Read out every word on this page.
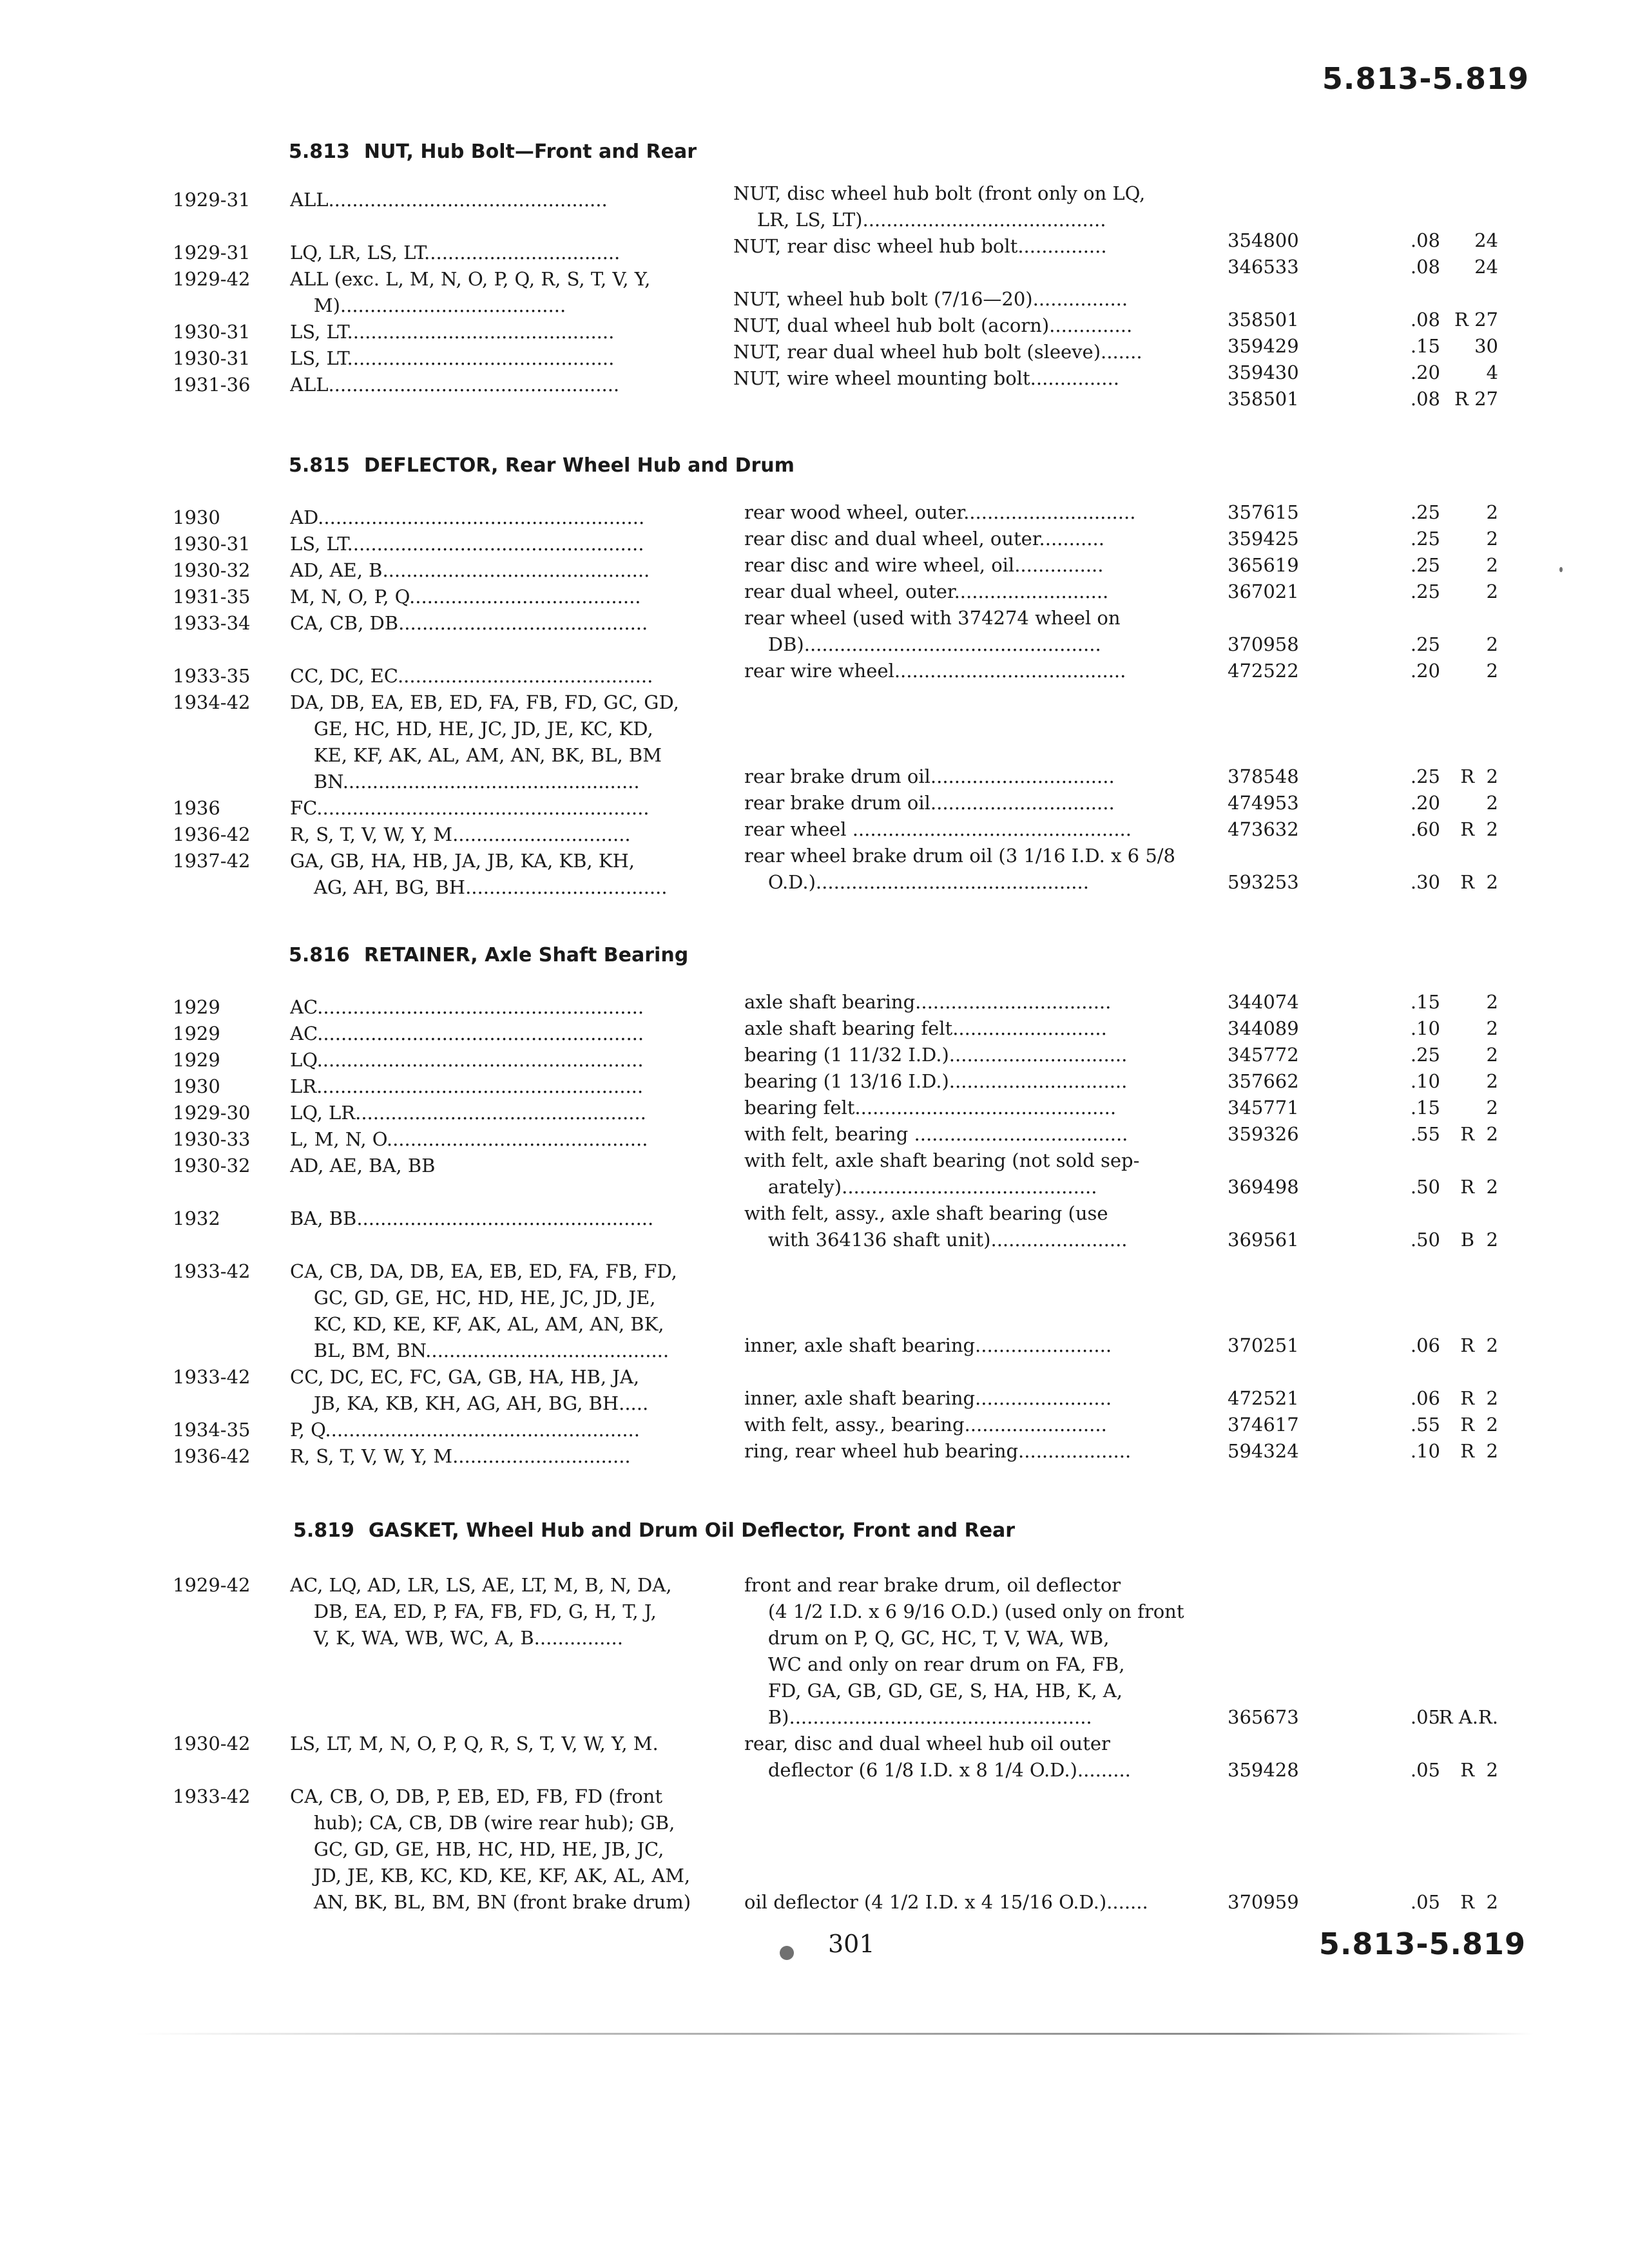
5.813-5.819
5.813 NUT, Hub Bolt—Front and Rear
1929-31

1929-31
1929-42

1930-31
1930-31
1931-36
ALL...............................................

LQ, LR, LS, LT.................................
ALL (exc. L, M, N, O, P, Q, R, S, T, V, Y,
M)......................................
LS, LT.............................................
LS, LT.............................................
ALL.................................................
NUT, disc wheel hub bolt (front only on LQ,
LR, LS, LT).........................................
NUT, rear disc wheel hub bolt...............

NUT, wheel hub bolt (7/16—20)................
NUT, dual wheel hub bolt (acorn)..............
NUT, rear dual wheel hub bolt (sleeve).......
NUT, wire wheel mounting bolt...............

354800
346533

358501
359429
359430
358501

.08
.08

.08
.15
.20
.08

24
24

R 27
30
4
R 27
5.815 DEFLECTOR, Rear Wheel Hub and Drum
1930
1930-31
1930-32
1931-35
1933-34

1933-35
1934-42

1936
1936-42
1937-42
AD.......................................................
LS, LT..................................................
AD, AE, B.............................................
M, N, O, P, Q.......................................
CA, CB, DB..........................................

CC, DC, EC...........................................
DA, DB, EA, EB, ED, FA, FB, FD, GC, GD,
GE, HC, HD, HE, JC, JD, JE, KC, KD,
KE, KF, AK, AL, AM, AN, BK, BL, BM
BN..................................................
FC........................................................
R, S, T, V, W, Y, M..............................
GA, GB, HA, HB, JA, JB, KA, KB, KH,
AG, AH, BG, BH..................................
rear wood wheel, outer.............................
rear disc and dual wheel, outer...........
rear disc and wire wheel, oil...............
rear dual wheel, outer..........................
rear wheel (used with 374274 wheel on
DB)..................................................
rear wire wheel.......................................

rear brake drum oil...............................
rear brake drum oil...............................
rear wheel ...............................................
rear wheel brake drum oil (3 1/16 I.D. x 6 5/8
O.D.)..............................................
357615
359425
365619
367021

370958
472522

378548
474953
473632

593253
.25
.25
.25
.25

.25
.20

.25
.20
.60

.30
2
2
2
2

2
2

R  2
2
R  2

R  2
5.816 RETAINER, Axle Shaft Bearing
1929
1929
1929
1930
1929-30
1930-33
1930-32

1932

1933-42

1933-42

1934-35
1936-42
AC.......................................................
AC.......................................................
LQ.......................................................
LR.......................................................
LQ, LR.................................................
L, M, N, O............................................
AD, AE, BA, BB

BA, BB..................................................

CA, CB, DA, DB, EA, EB, ED, FA, FB, FD,
GC, GD, GE, HC, HD, HE, JC, JD, JE,
KC, KD, KE, KF, AK, AL, AM, AN, BK,
BL, BM, BN.........................................
CC, DC, EC, FC, GA, GB, HA, HB, JA,
JB, KA, KB, KH, AG, AH, BG, BH.....
P, Q.....................................................
R, S, T, V, W, Y, M..............................
axle shaft bearing.................................
axle shaft bearing felt..........................
bearing (1 11/32 I.D.)..............................
bearing (1 13/16 I.D.)..............................
bearing felt............................................
with felt, bearing ....................................
with felt, axle shaft bearing (not sold sep-
arately)...........................................
with felt, assy., axle shaft bearing (use
with 364136 shaft unit).......................

inner, axle shaft bearing.......................

inner, axle shaft bearing.......................
with felt, assy., bearing........................
ring, rear wheel hub bearing...................
344074
344089
345772
357662
345771
359326

369498

369561

370251

472521
374617
594324
.15
.10
.25
.10
.15
.55

.50

.50

.06

.06
.55
.10
2
2
2
2
2
R  2

R  2

B  2

R  2

R  2
R  2
R  2
5.819 GASKET, Wheel Hub and Drum Oil Deflector, Front and Rear
1929-42

1930-42

1933-42
AC, LQ, AD, LR, LS, AE, LT, M, B, N, DA,
DB, EA, ED, P, FA, FB, FD, G, H, T, J,
V, K, WA, WB, WC, A, B...............

LS, LT, M, N, O, P, Q, R, S, T, V, W, Y, M.

CA, CB, O, DB, P, EB, ED, FB, FD (front
hub); CA, CB, DB (wire rear hub); GB,
GC, GD, GE, HB, HC, HD, HE, JB, JC,
JD, JE, KB, KC, KD, KE, KF, AK, AL, AM,
AN, BK, BL, BM, BN (front brake drum)
front and rear brake drum, oil deflector
(4 1/2 I.D. x 6 9/16 O.D.) (used only on front
drum on P, Q, GC, HC, T, V, WA, WB,
WC and only on rear drum on FA, FB,
FD, GA, GB, GD, GE, S, HA, HB, K, A,
B)...................................................
rear, disc and dual wheel hub oil outer
deflector (6 1/8 I.D. x 8 1/4 O.D.).........

oil deflector (4 1/2 I.D. x 4 15/16 O.D.).......

365673

359428

370959

.05

.05

.05

R A.R.

R  2

R  2
301	5.813-5.819
